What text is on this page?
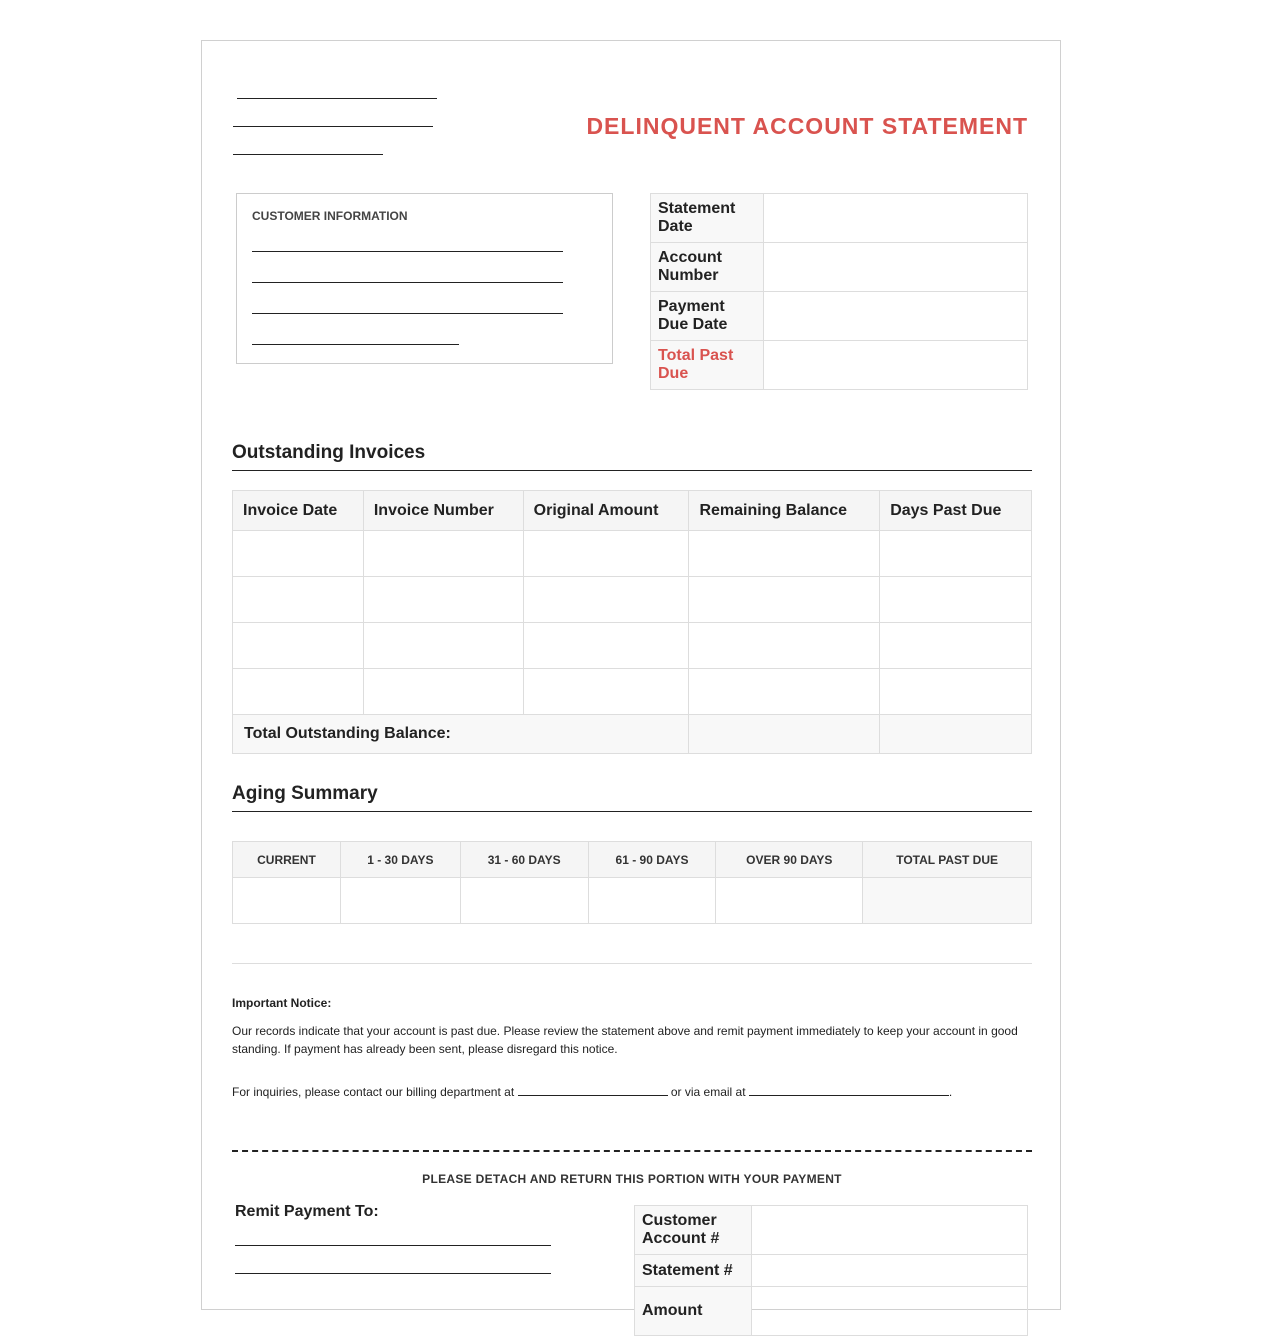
DELINQUENT ACCOUNT STATEMENT
CUSTOMER INFORMATION	Statement Date	
Account Number	
Payment Due Date	
Total Past Due	
Outstanding Invoices
Invoice Date	Invoice Number	Original Amount	Remaining Balance	Days Past Due

Total Outstanding Balance:				
Aging Summary
CURRENT	1 - 30 DAYS	31 - 60 DAYS	61 - 90 DAYS	OVER 90 DAYS	TOTAL PAST DUE

Important Notice:
Our records indicate that your account is past due. Please review the statement above and remit payment immediately to keep your account in good standing. If payment has already been sent, please disregard this notice.
For inquiries, please contact our billing department at	or via email at	.
PLEASE DETACH AND RETURN THIS PORTION WITH YOUR PAYMENT
Remit Payment To:
Customer Account #	
Statement #	
Amount	
